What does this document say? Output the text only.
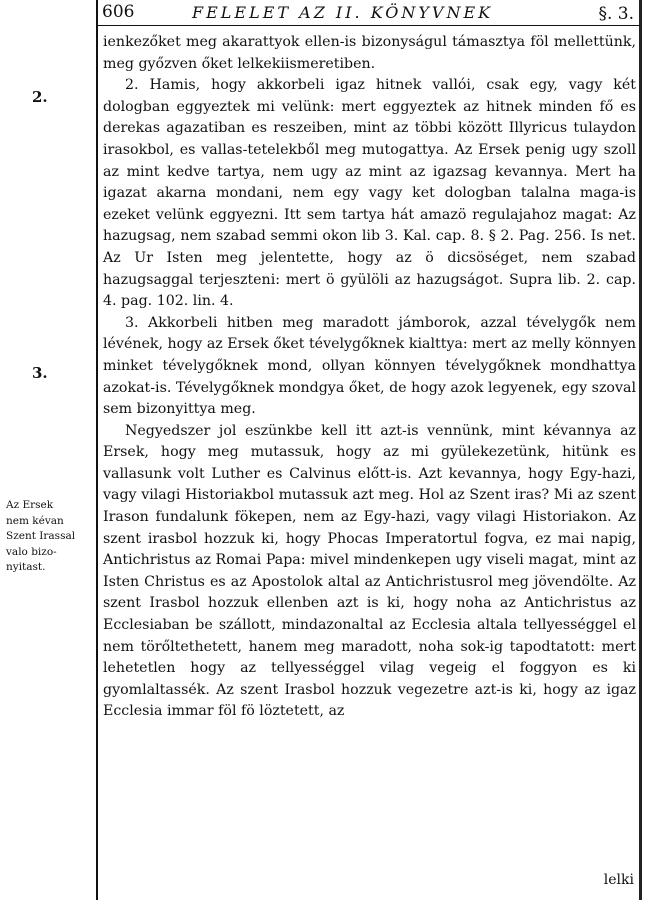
606	FELELET AZ II. KÖNYVNEK	§. 3.
2.
3.
Az Ersek
nem kévan
Szent Irassal
valo bizo-
nyitast.

ienkezőket meg akarattyok ellen-is bizonyságul támasztya föl mellettünk, meg győzven őket lelkekiismeretiben.

2. Hamis, hogy akkorbeli igaz hitnek vallói, csak egy, vagy két dologban eggyeztek mi velünk: mert eggyeztek az hitnek minden fő es derekas agazatiban es reszeiben, mint az többi között Illyricus tulaydon irasokbol, es vallas-tetelekből meg mutogattya. Az Ersek penig ugy szoll az mint kedve tartya, nem ugy az mint az igazsag kevannya. Mert ha igazat akarna mondani, nem egy vagy ket dologban talalna maga-is ezeket velünk eggyezni. Itt sem tartya hát amazö regulajahoz magat: Az hazugsag, nem szabad semmi okon lib 3. Kal. cap. 8. § 2. Pag. 256. Is net. Az Ur Isten meg jelentette, hogy az ö dicsöséget, nem szabad hazugsaggal terjeszteni: mert ö gyülöli az hazugságot. Supra lib. 2. cap. 4. pag. 102. lin. 4.

3. Akkorbeli hitben meg maradott jámborok, azzal tévelygők nem lévének, hogy az Ersek őket tévelygőknek kialttya: mert az melly könnyen minket tévelygőknek mond, ollyan könnyen tévelygőknek mondhattya azokat-is. Tévelygőknek mondgya őket, de hogy azok legyenek, egy szoval sem bizonyittya meg.

Negyedszer jol eszünkbe kell itt azt-is vennünk, mint kévannya az Ersek, hogy meg mutassuk, hogy az mi gyülekezetünk, hitünk es vallasunk volt Luther es Calvinus előtt-is. Azt kevannya, hogy Egy-hazi, vagy vilagi Historiakbol mutassuk azt meg. Hol az Szent iras? Mi az szent Irason fundalunk fökepen, nem az Egy-hazi, vagy vilagi Historiakon. Az szent irasbol hozzuk ki, hogy Phocas Imperatortul fogva, ez mai napig, Antichristus az Romai Papa: mivel mindenkepen ugy viseli magat, mint az Isten Christus es az Apostolok altal az Antichristusrol meg jövendölte. Az szent Irasbol hozzuk ellenben azt is ki, hogy noha az Antichristus az Ecclesiaban be szállott, mindazonaltal az Ecclesia altala tellyességgel el nem törőltethetett, hanem meg maradott, noha sok-ig tapodtatott: mert lehetetlen hogy az tellyességgel vilag vegeig el foggyon es ki gyomlaltassék. Az szent Irasbol hozzuk vegezetre azt-is ki, hogy az igaz Ecclesia immar föl fö löztetett, az

lelki
